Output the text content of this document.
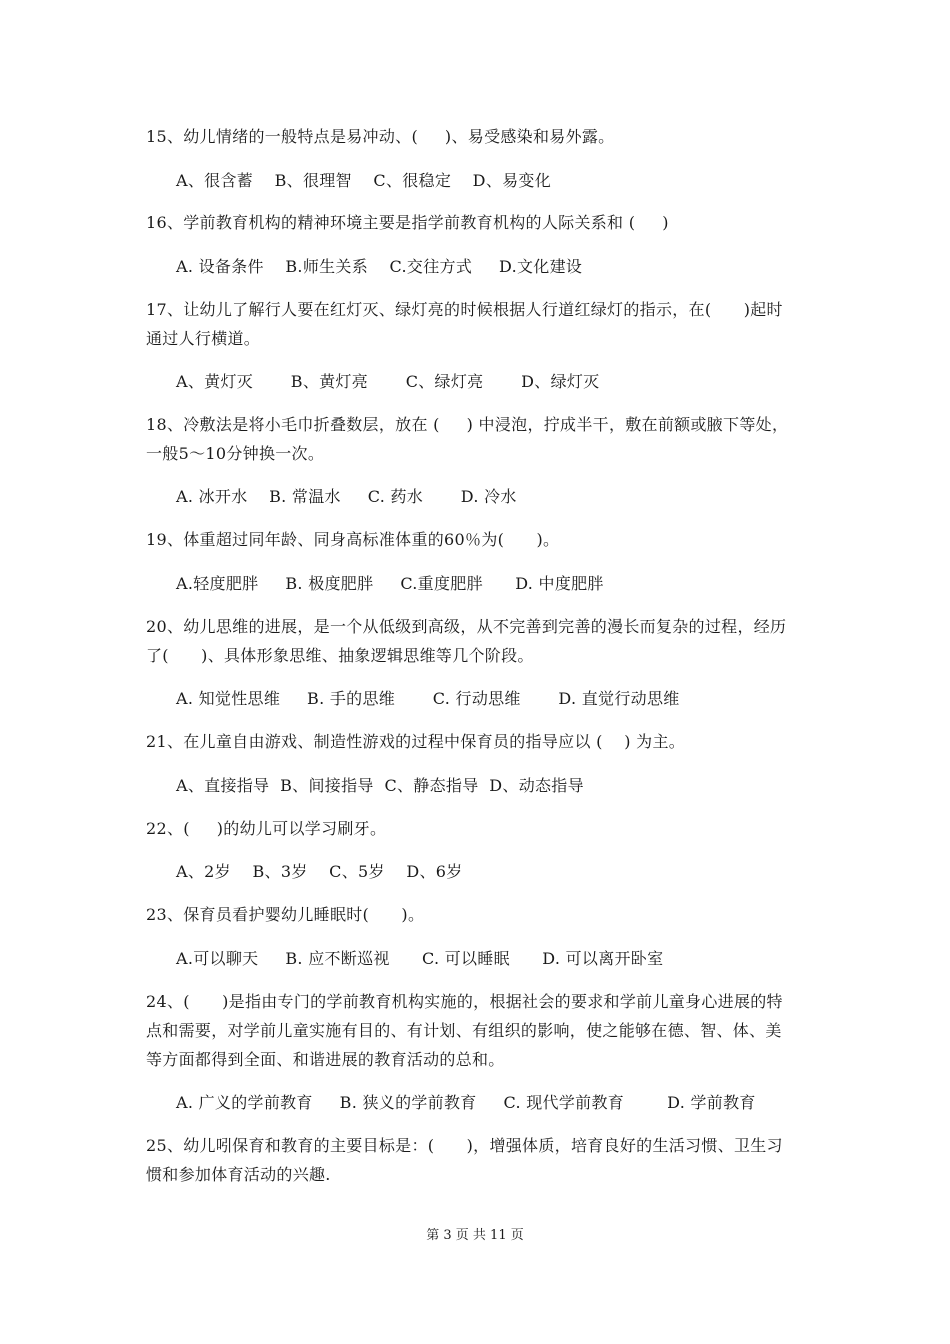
15、幼儿情绪的一般特点是易冲动、(     )、易受感染和易外露。
A、很含蓄    B、很理智    C、很稳定    D、易变化
16、学前教育机构的精神环境主要是指学前教育机构的人际关系和 (     )
A. 设备条件    B.师生关系    C.交往方式     D.文化建设
17、让幼儿了解行人要在红灯灭、绿灯亮的时候根据人行道红绿灯的指示，在(      )起时
通过人行横道。
A、黄灯灭       B、黄灯亮       C、绿灯亮       D、绿灯灭
18、冷敷法是将小毛巾折叠数层，放在 (     ) 中浸泡，拧成半干，敷在前额或腋下等处，
一般5～10分钟换一次。
A. 冰开水    B. 常温水     C. 药水       D. 冷水
19、体重超过同年龄、同身高标准体重的60％为(      )。
A.轻度肥胖     B. 极度肥胖     C.重度肥胖      D. 中度肥胖
20、幼儿思维的进展，是一个从低级到高级，从不完善到完善的漫长而复杂的过程，经历
了(      )、具体形象思维、抽象逻辑思维等几个阶段。
A. 知觉性思维     B. 手的思维       C. 行动思维       D. 直觉行动思维
21、在儿童自由游戏、制造性游戏的过程中保育员的指导应以 (    ) 为主。
A、直接指导  B、间接指导  C、静态指导  D、动态指导
22、(     )的幼儿可以学习刷牙。
A、2岁    B、3岁    C、5岁    D、6岁
23、保育员看护婴幼儿睡眠时(      )。
A.可以聊天     B. 应不断巡视      C. 可以睡眠      D. 可以离开卧室
24、(      )是指由专门的学前教育机构实施的，根据社会的要求和学前儿童身心进展的特
点和需要，对学前儿童实施有目的、有计划、有组织的影响，使之能够在德、智、体、美
等方面都得到全面、和谐进展的教育活动的总和。
A. 广义的学前教育     B. 狭义的学前教育     C. 现代学前教育        D. 学前教育
25、幼儿吲保育和教育的主要目标是：(      )，增强体质，培育良好的生活习惯、卫生习
惯和参加体育活动的兴趣.
第 3 页 共 11 页
